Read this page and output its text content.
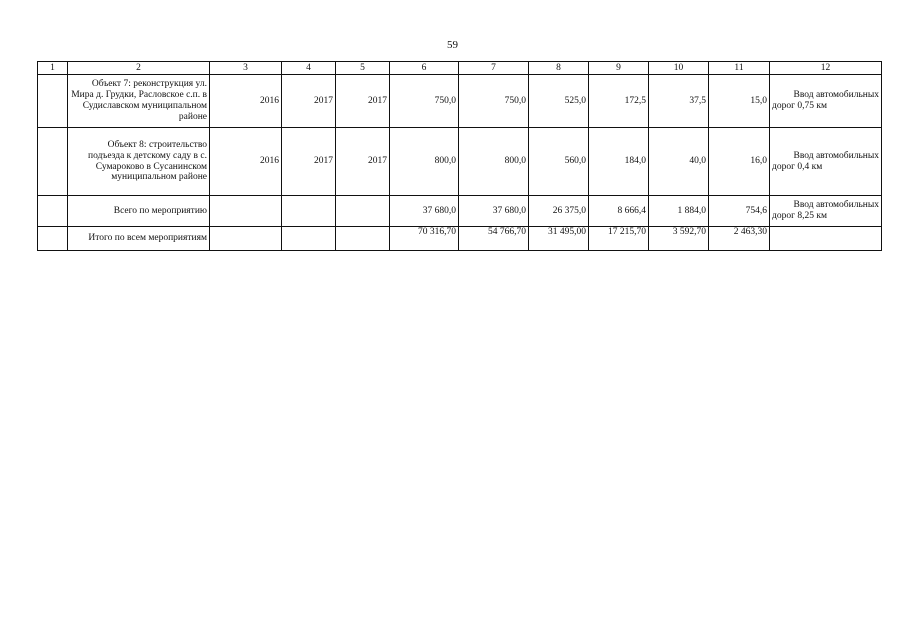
59
1	2	3	4	5	6	7	8	9	10	11	12
	Объект 7: реконструкция ул. Мира д. Грудки, Расловское с.п. в Судиславском муниципальном районе	2016	2017	2017	750,0	750,0	525,0	172,5	37,5	15,0	Ввод автомобильных дорог 0,75 км
	Объект 8: строительство подъезда к детскому саду в с. Сумароково в Сусанинском муниципальном районе	2016	2017	2017	800,0	800,0	560,0	184,0	40,0	16,0	Ввод автомобильных дорог 0,4 км
	Всего по мероприятию				37 680,0	37 680,0	26 375,0	8 666,4	1 884,0	754,6	Ввод автомобильных дорог 8,25 км
	Итого по всем мероприятиям				70 316,70	54 766,70	31 495,00	17 215,70	3 592,70	2 463,30	
